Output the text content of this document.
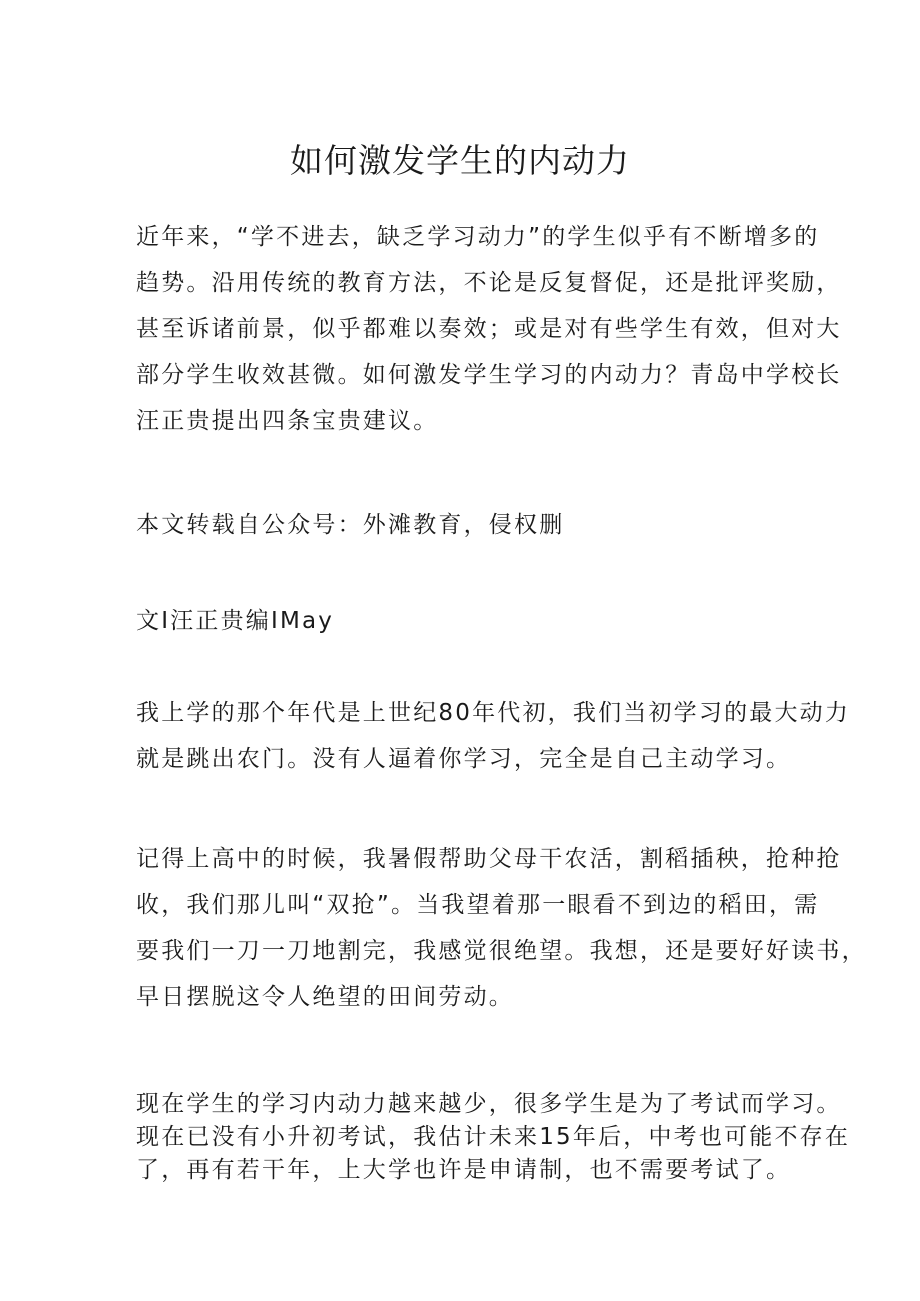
如何激发学生的内动力

近年来，“学不进去，缺乏学习动力”的学生似乎有不断增多的
趋势。沿用传统的教育方法，不论是反复督促，还是批评奖励，
甚至诉诸前景，似乎都难以奏效；或是对有些学生有效，但对大
部分学生收效甚微。如何激发学生学习的内动力？青岛中学校长
汪正贵提出四条宝贵建议。

本文转载自公众号：外滩教育，侵权删

文I汪正贵编IMay

我上学的那个年代是上世纪80年代初，我们当初学习的最大动力
就是跳出农门。没有人逼着你学习，完全是自己主动学习。

记得上高中的时候，我暑假帮助父母干农活，割稻插秧，抢种抢
收，我们那儿叫“双抢”。当我望着那一眼看不到边的稻田，需
要我们一刀一刀地割完，我感觉很绝望。我想，还是要好好读书，
早日摆脱这令人绝望的田间劳动。

现在学生的学习内动力越来越少，很多学生是为了考试而学习。
现在已没有小升初考试，我估计未来15年后，中考也可能不存在
了，再有若干年，上大学也许是申请制，也不需要考试了。
